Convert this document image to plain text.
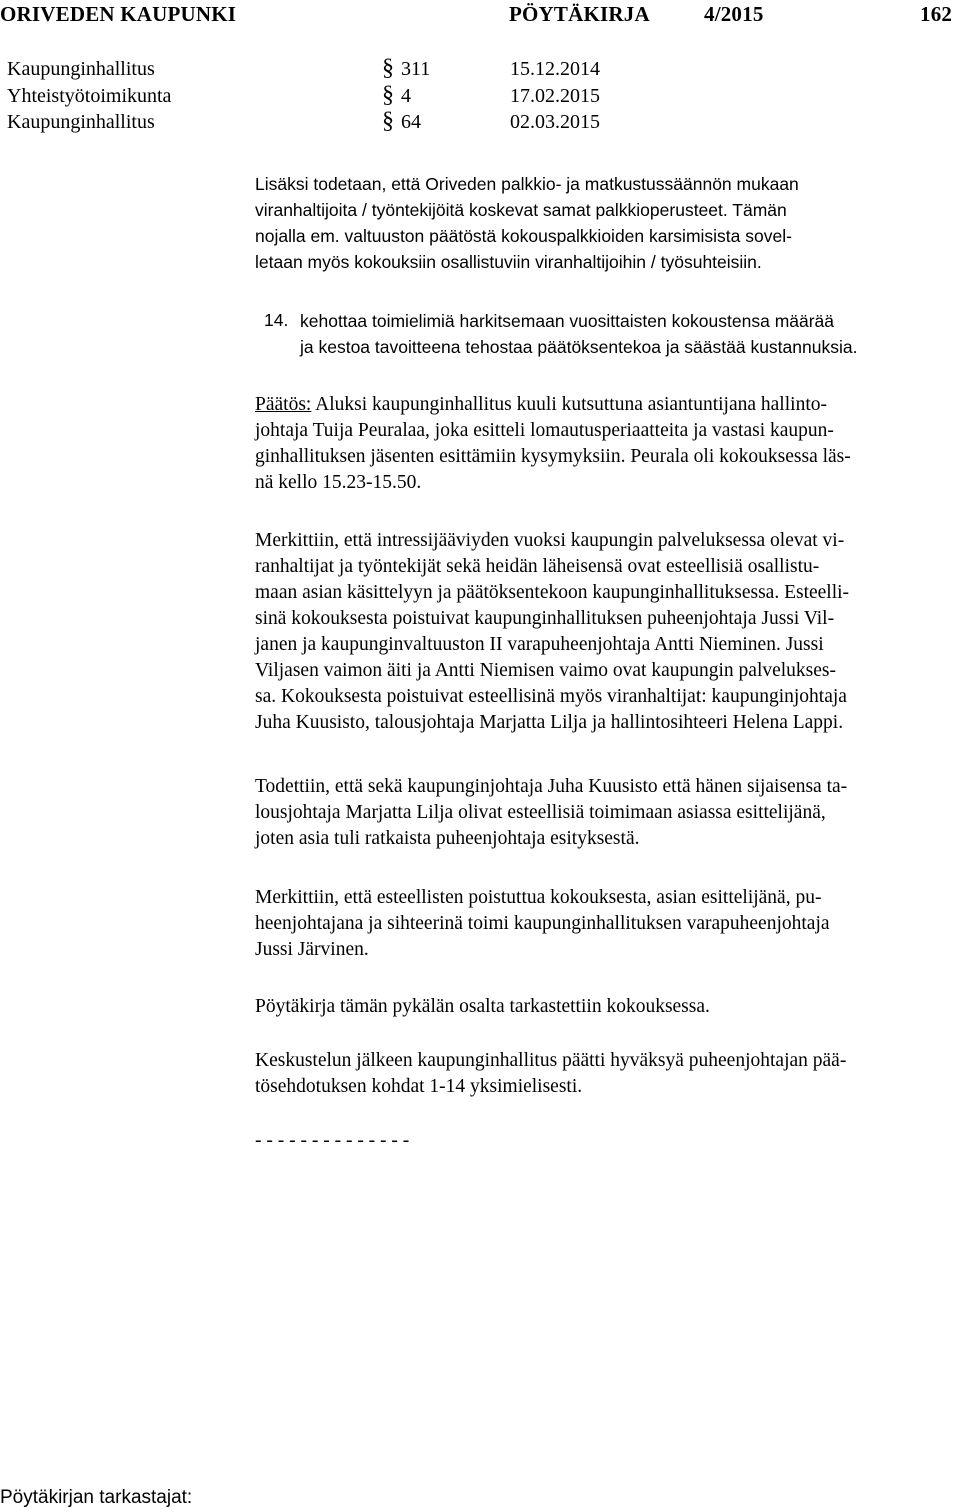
ORIVEDEN KAUPUNKI	PÖYTÄKIRJA	4/2015	162
Kaupunginhallitus	§ 311	15.12.2014
Yhteistyötoimikunta	§ 4	17.02.2015
Kaupunginhallitus	§ 64	02.03.2015
Lisäksi todetaan, että Oriveden palkkio- ja matkustussäännön mukaan
viranhaltijoita / työntekijöitä koskevat samat palkkioperusteet. Tämän
nojalla em. valtuuston päätöstä kokouspalkkioiden karsimisista sovel-
letaan myös kokouksiin osallistuviin viranhaltijoihin / työsuhteisiin.
14. kehottaa toimielimiä harkitsemaan vuosittaisten kokoustensa määrää
ja kestoa tavoitteena tehostaa päätöksentekoa ja säästää kustannuksia.
Päätös: Aluksi kaupunginhallitus kuuli kutsuttuna asiantuntijana hallinto-
johtaja Tuija Peuralaa, joka esitteli lomautusperiaatteita ja vastasi kaupun-
ginhallituksen jäsenten esittämiin kysymyksiin. Peurala oli kokouksessa läs-
nä kello 15.23-15.50.
Merkittiin, että intressijääviyden vuoksi kaupungin palveluksessa olevat vi-
ranhaltijat ja työntekijät sekä heidän läheisensä ovat esteellisiä osallistu-
maan asian käsittelyyn ja päätöksentekoon kaupunginhallituksessa. Esteelli-
sinä kokouksesta poistuivat kaupunginhallituksen puheenjohtaja Jussi Vil-
janen ja kaupunginvaltuuston II varapuheenjohtaja Antti Nieminen. Jussi
Viljasen vaimon äiti ja Antti Niemisen vaimo ovat kaupungin palvelukses-
sa. Kokouksesta poistuivat esteellisinä myös viranhaltijat: kaupunginjohtaja
Juha Kuusisto, talousjohtaja Marjatta Lilja ja hallintosihteeri Helena Lappi.
Todettiin, että sekä kaupunginjohtaja Juha Kuusisto että hänen sijaisensa ta-
lousjohtaja Marjatta Lilja olivat esteellisiä toimimaan asiassa esittelijänä,
joten asia tuli ratkaista puheenjohtaja esityksestä.
Merkittiin, että esteellisten poistuttua kokouksesta, asian esittelijänä, pu-
heenjohtajana ja sihteerinä toimi kaupunginhallituksen varapuheenjohtaja
Jussi Järvinen.
Pöytäkirja tämän pykälän osalta tarkastettiin kokouksessa.
Keskustelun jälkeen kaupunginhallitus päätti hyväksyä puheenjohtajan pää-
tösehdotuksen kohdat 1-14 yksimielisesti.
- - - - - - - - - - - - - -
Pöytäkirjan tarkastajat:
